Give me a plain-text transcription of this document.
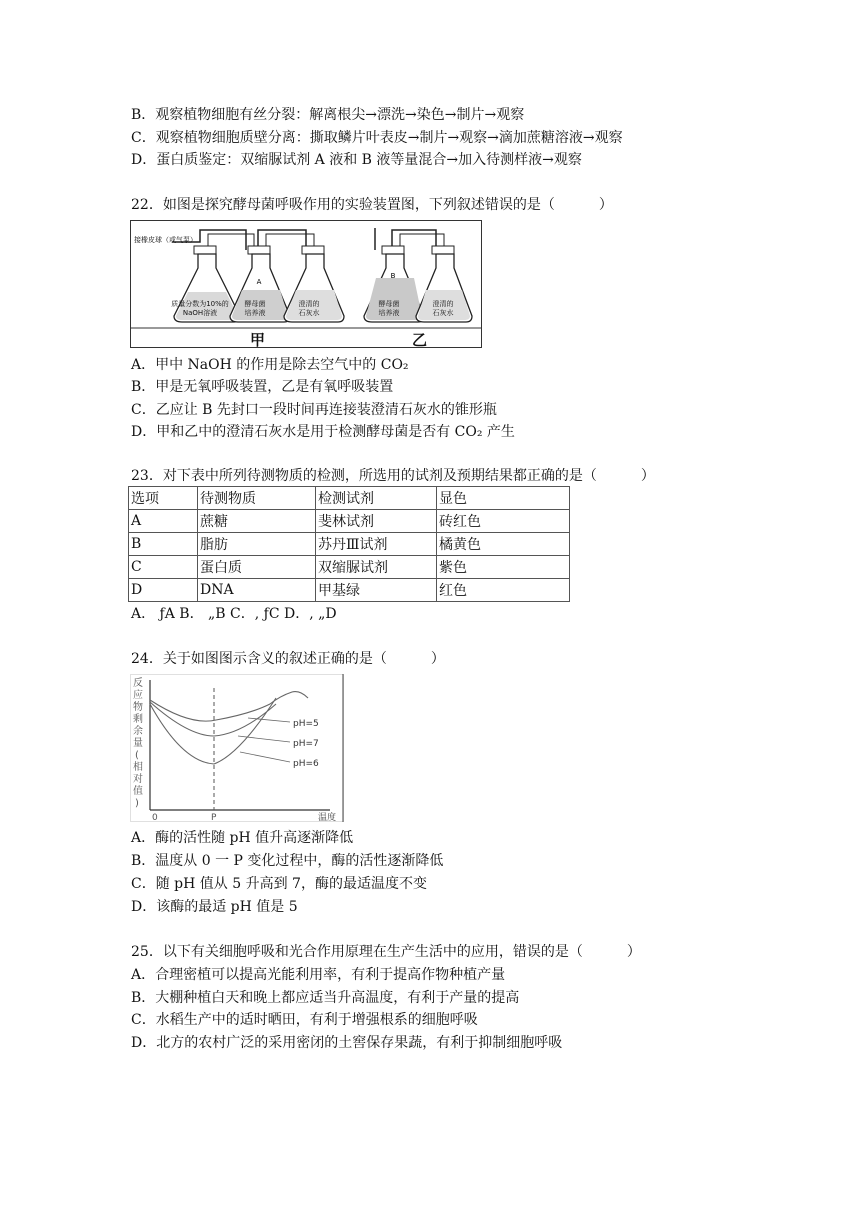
B．观察植物细胞有丝分裂：解离根尖→漂洗→染色→制片→观察
C．观察植物细胞质壁分离：撕取鳞片叶表皮→制片→观察→滴加蔗糖溶液→观察
D．蛋白质鉴定：双缩脲试剂 A 液和 B 液等量混合→加入待测样液→观察
22．如图是探究酵母菌呼吸作用的实验装置图，下列叙述错误的是（	）
接橡皮球（或气泵）
A
B
质量分数为10%的NaOH溶液
酵母菌培养液
澄清的石灰水
酵母菌培养液
澄清的石灰水
甲	乙
A．甲中 NaOH 的作用是除去空气中的 CO₂
B．甲是无氧呼吸装置，乙是有氧呼吸装置
C．乙应让 B 先封口一段时间再连接装澄清石灰水的锥形瓶
D．甲和乙中的澄清石灰水是用于检测酵母菌是否有 CO₂ 产生
23．对下表中所列待测物质的检测，所选用的试剂及预期结果都正确的是（	）
选项	待测物质	检测试剂	显色
A	蔗糖	斐林试剂	砖红色
B	脂肪	苏丹Ⅲ试剂	橘黄色
C	蛋白质	双缩脲试剂	紫色
D	DNA	甲基绿	红色
A． ƒA B． „B C．, ƒC D．, „D
24．关于如图图示含义的叙述正确的是（	）
pH=5
pH=7
pH=6
0	P	温度
反
应
物
剩
余
量
(
相
对
值
)
A．酶的活性随 pH 值升高逐渐降低
B．温度从 0 一 P 变化过程中，酶的活性逐渐降低
C．随 pH 值从 5 升高到 7，酶的最适温度不变
D．该酶的最适 pH 值是 5
25．以下有关细胞呼吸和光合作用原理在生产生活中的应用，错误的是（	）
A．合理密植可以提高光能利用率，有利于提高作物种植产量
B．大棚种植白天和晚上都应适当升高温度，有利于产量的提高
C．水稻生产中的适时晒田，有利于增强根系的细胞呼吸
D．北方的农村广泛的采用密闭的土窖保存果蔬，有利于抑制细胞呼吸
